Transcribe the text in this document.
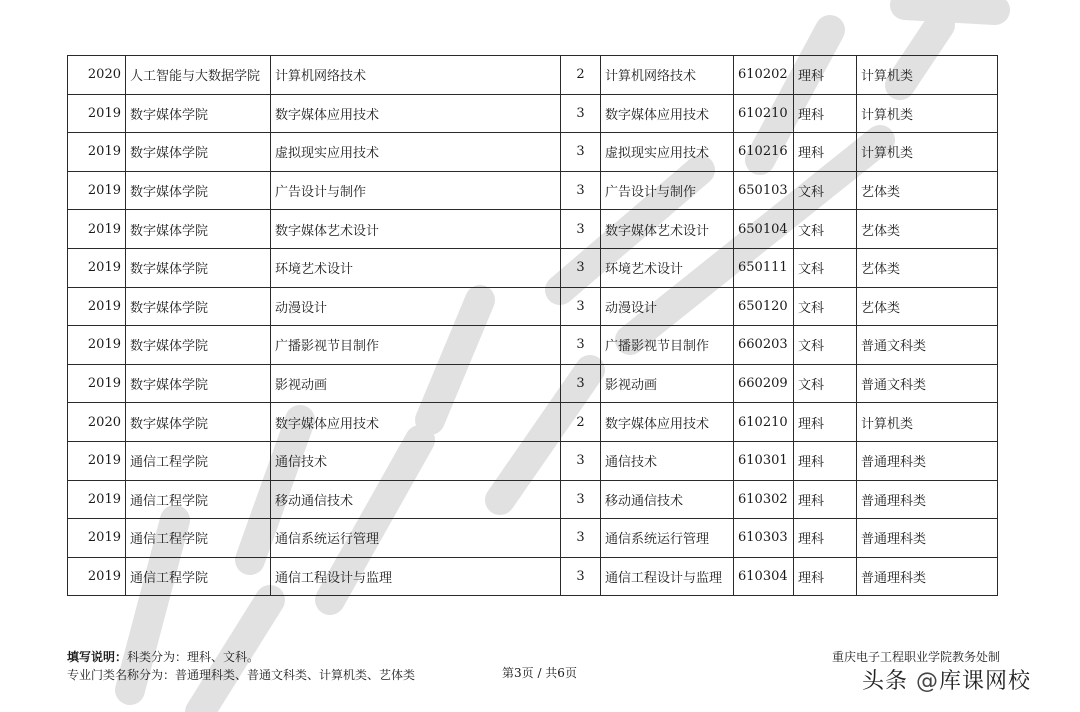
2020	人工智能与大数据学院	计算机网络技术	2	计算机网络技术	610202	理科	计算机类
2019	数字媒体学院	数字媒体应用技术	3	数字媒体应用技术	610210	理科	计算机类
2019	数字媒体学院	虚拟现实应用技术	3	虚拟现实应用技术	610216	理科	计算机类
2019	数字媒体学院	广告设计与制作	3	广告设计与制作	650103	文科	艺体类
2019	数字媒体学院	数字媒体艺术设计	3	数字媒体艺术设计	650104	文科	艺体类
2019	数字媒体学院	环境艺术设计	3	环境艺术设计	650111	文科	艺体类
2019	数字媒体学院	动漫设计	3	动漫设计	650120	文科	艺体类
2019	数字媒体学院	广播影视节目制作	3	广播影视节目制作	660203	文科	普通文科类
2019	数字媒体学院	影视动画	3	影视动画	660209	文科	普通文科类
2020	数字媒体学院	数字媒体应用技术	2	数字媒体应用技术	610210	理科	计算机类
2019	通信工程学院	通信技术	3	通信技术	610301	理科	普通理科类
2019	通信工程学院	移动通信技术	3	移动通信技术	610302	理科	普通理科类
2019	通信工程学院	通信系统运行管理	3	通信系统运行管理	610303	理科	普通理科类
2019	通信工程学院	通信工程设计与监理	3	通信工程设计与监理	610304	理科	普通理科类
填写说明：科类分为：理科、文科。
专业门类名称分为：普通理科类、普通文科类、计算机类、艺体类	第3页 / 共6页
重庆电子工程职业学院教务处制
头条 @库课网校
